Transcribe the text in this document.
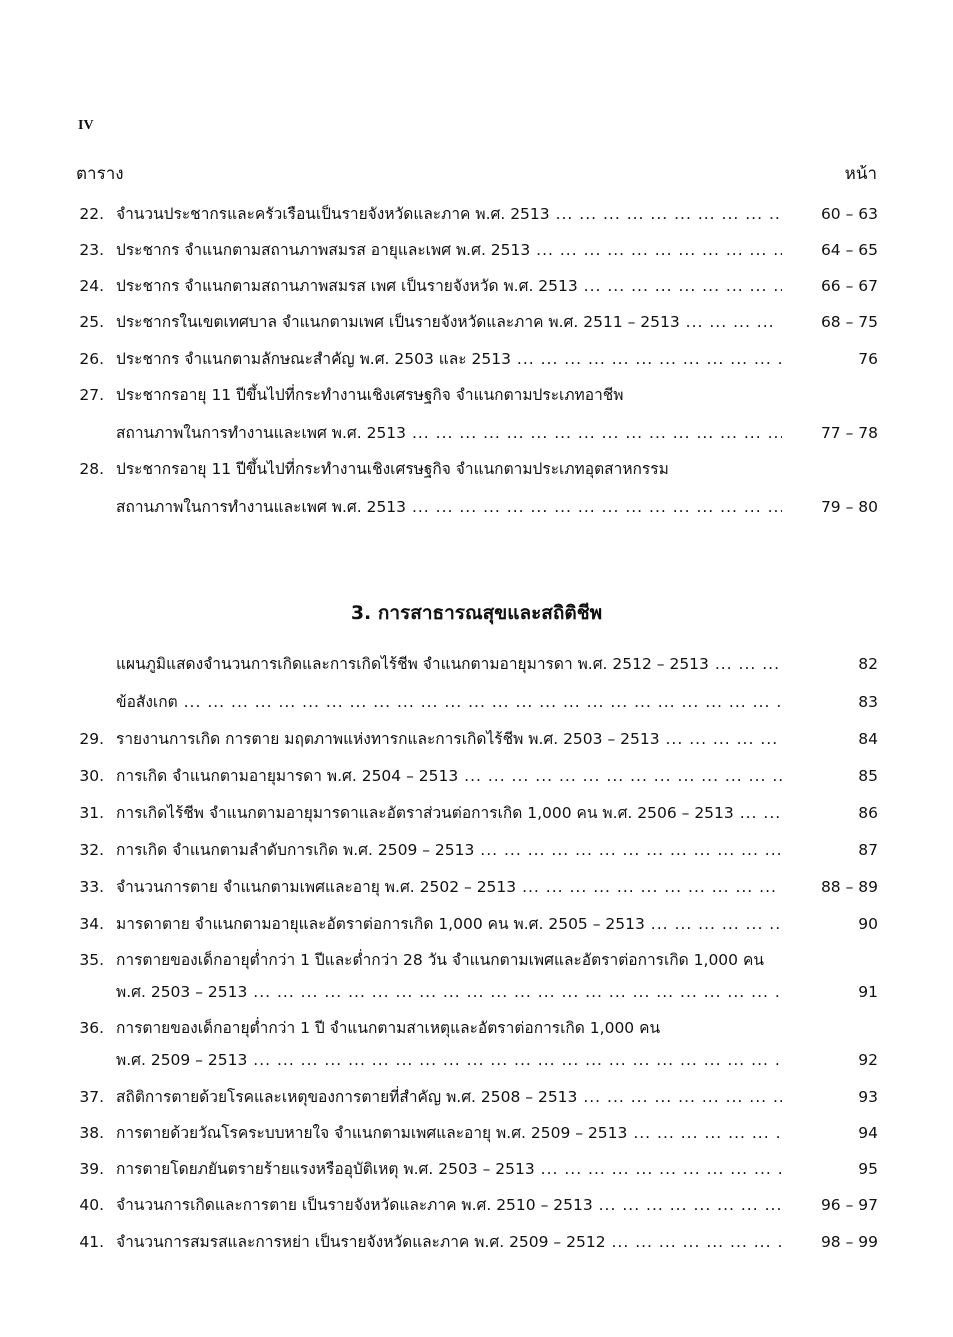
IV
ตาราง	หน้า
22. จำนวนประชากรและครัวเรือนเป็นรายจังหวัดและภาค พ.ศ. 2513 ... .	60 – 63
23. ประชากร จำแนกตามสถานภาพสมรส อายุและเพศ พ.ศ. 2513 ... .	64 – 65
24. ประชากร จำแนกตามสถานภาพสมรส เพศ เป็นรายจังหวัด พ.ศ. 2513 ... .	66 – 67
25. ประชากรในเขตเทศบาล จำแนกตามเพศ เป็นรายจังหวัดและภาค พ.ศ. 2511 – 2513 ... .	68 – 75
26. ประชากร จำแนกตามลักษณะสำคัญ พ.ศ. 2503 และ 2513 ... .	76
27. ประชากรอายุ 11 ปีขึ้นไปที่กระทำงานเชิงเศรษฐกิจ จำแนกตามประเภทอาชีพ
สถานภาพในการทำงานและเพศ พ.ศ. 2513 ... .	77 – 78
28. ประชากรอายุ 11 ปีขึ้นไปที่กระทำงานเชิงเศรษฐกิจ จำแนกตามประเภทอุตสาหกรรม
สถานภาพในการทำงานและเพศ พ.ศ. 2513 ... .	79 – 80
3. การสาธารณสุขและสถิติชีพ
แผนภูมิแสดงจำนวนการเกิดและการเกิดไร้ชีพ จำแนกตามอายุมารดา พ.ศ. 2512 – 2513 ... .	82
ข้อสังเกต ... .	83
29. รายงานการเกิด การตาย มฤตภาพแห่งทารกและการเกิดไร้ชีพ พ.ศ. 2503 – 2513 ... .	84
30. การเกิด จำแนกตามอายุมารดา พ.ศ. 2504 – 2513 ... .	85
31. การเกิดไร้ชีพ จำแนกตามอายุมารดาและอัตราส่วนต่อการเกิด 1,000 คน พ.ศ. 2506 – 2513 ... .	86
32. การเกิด จำแนกตามลำดับการเกิด พ.ศ. 2509 – 2513 ... .	87
33. จำนวนการตาย จำแนกตามเพศและอายุ พ.ศ. 2502 – 2513 ... .	88 – 89
34. มารดาตาย จำแนกตามอายุและอัตราต่อการเกิด 1,000 คน พ.ศ. 2505 – 2513 ... .	90
35. การตายของเด็กอายุต่ำกว่า 1 ปีและต่ำกว่า 28 วัน จำแนกตามเพศและอัตราต่อการเกิด 1,000 คน
พ.ศ. 2503 – 2513 ... .	91
36. การตายของเด็กอายุต่ำกว่า 1 ปี จำแนกตามสาเหตุและอัตราต่อการเกิด 1,000 คน
พ.ศ. 2509 – 2513 ... .	92
37. สถิติการตายด้วยโรคและเหตุของการตายที่สำคัญ พ.ศ. 2508 – 2513 ... .	93
38. การตายด้วยวัณโรคระบบหายใจ จำแนกตามเพศและอายุ พ.ศ. 2509 – 2513 ... .	94
39. การตายโดยภยันตรายร้ายแรงหรืออุบัติเหตุ พ.ศ. 2503 – 2513 ... .	95
40. จำนวนการเกิดและการตาย เป็นรายจังหวัดและภาค พ.ศ. 2510 – 2513 ... .	96 – 97
41. จำนวนการสมรสและการหย่า เป็นรายจังหวัดและภาค พ.ศ. 2509 – 2512 ... .	98 – 99
